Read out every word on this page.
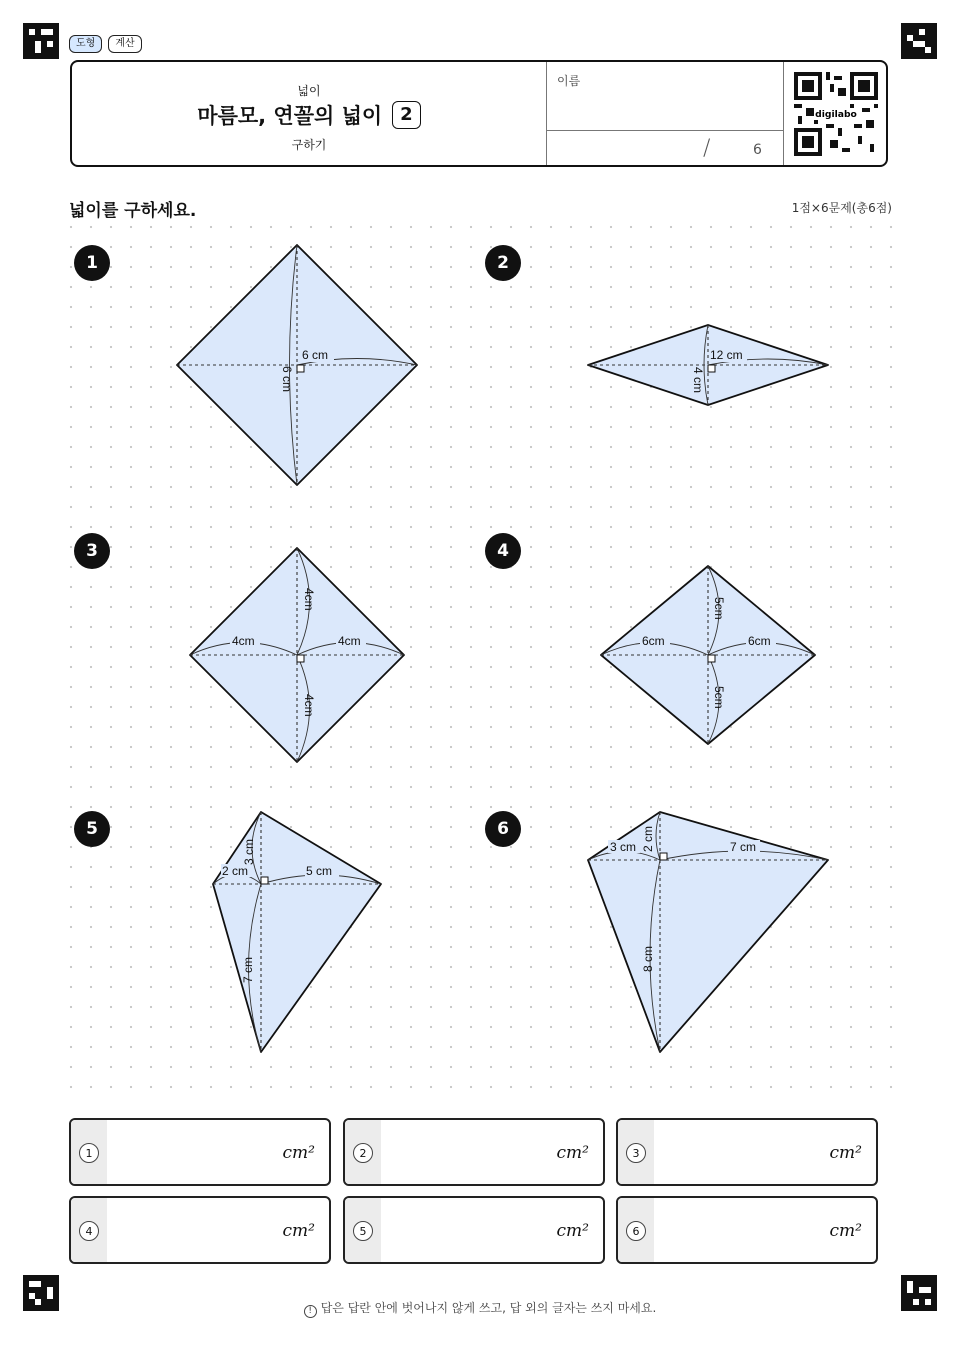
도형	계산
넓이
마름모, 연꼴의 넓이	2
구하기
이름
/	6
digilabo
넓이를 구하세요.	1점×6문제(총6점)
1	2
3	4
5	6
6 cm
6 cm
12 cm
4 cm
4cm
4cm	4cm
4cm
5cm
6cm	6cm
5cm
3 cm
2 cm	5 cm
7 cm
2 cm
3 cm	7 cm
8 cm
1	cm²	2	cm²	3	cm²
4	cm²	5	cm²	6	cm²
! 답은 답란 안에 벗어나지 않게 쓰고, 답 외의 글자는 쓰지 마세요.
